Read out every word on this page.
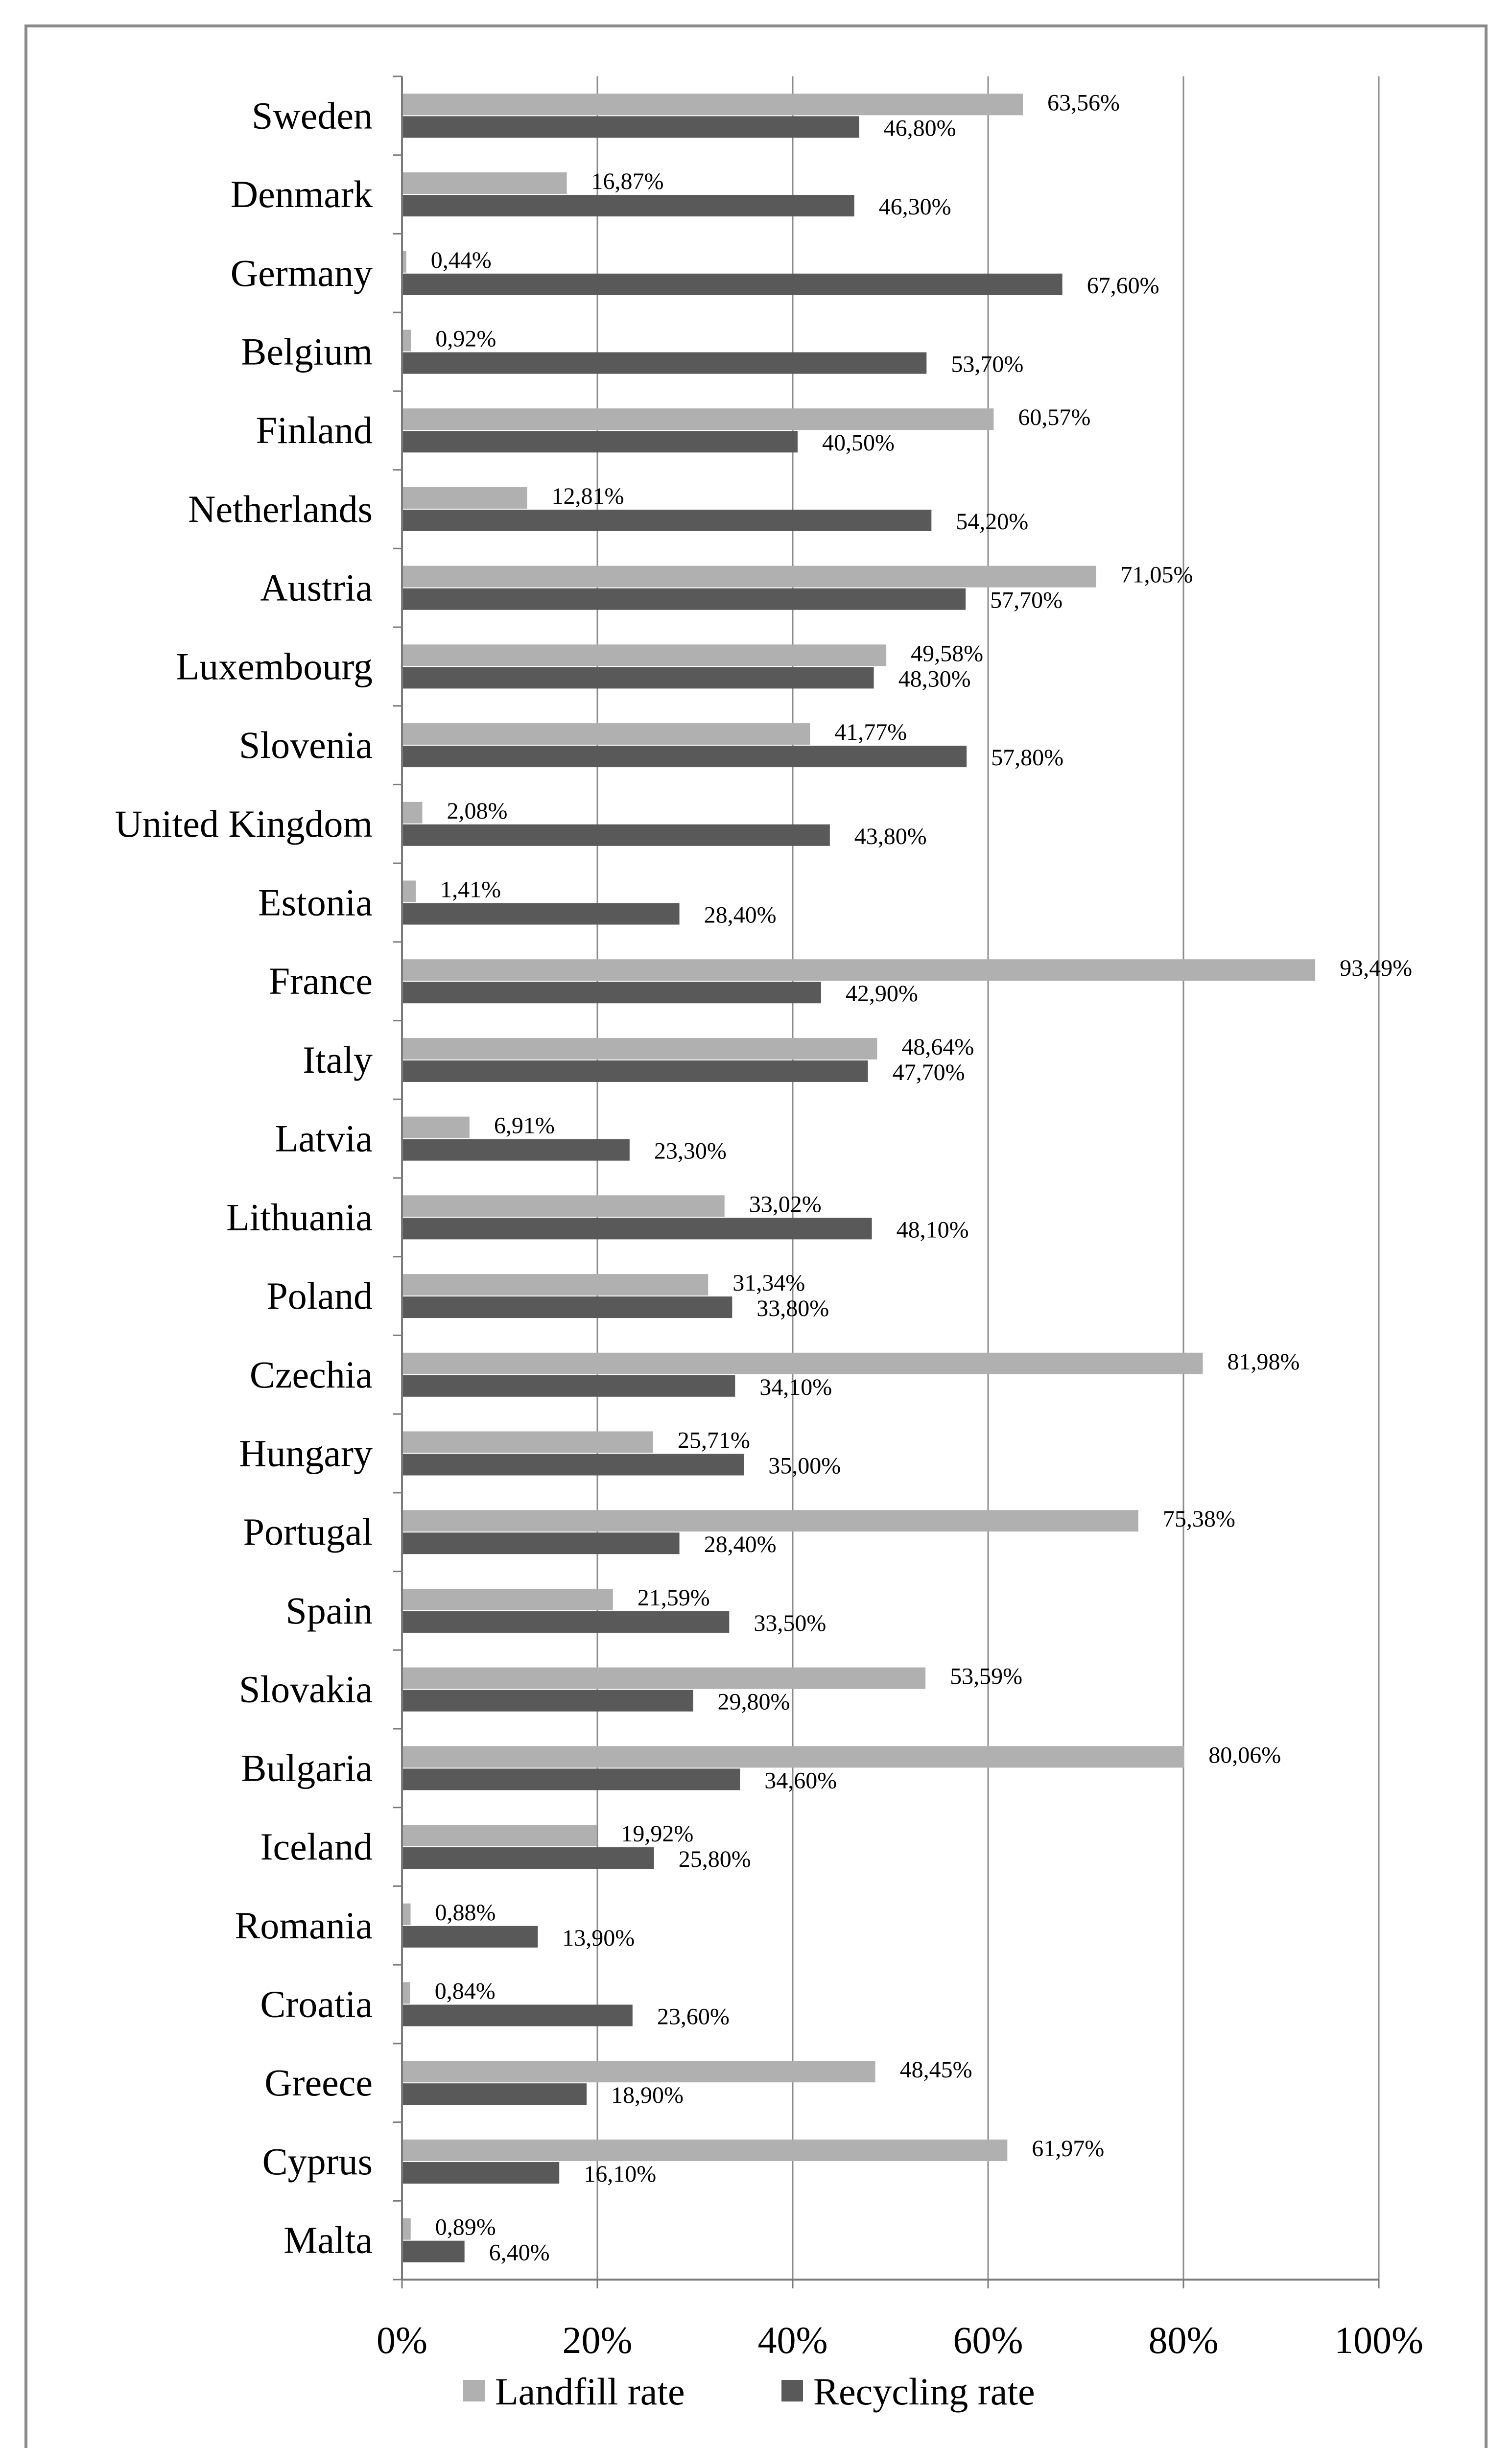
Sweden
Denmark
Germany
Belgium
Finland
Netherlands
Austria
Luxembourg
Slovenia
United Kingdom
Estonia
France
Italy
Latvia
Lithuania
Poland
Czechia
Hungary
Portugal
Spain
Slovakia
Bulgaria
Iceland
Romania
Croatia
Greece
Cyprus
Malta
63,56%
46,80%
16,87%
46,30%
0,44%
67,60%
0,92%
53,70%
60,57%
40,50%
12,81%
54,20%
71,05%
57,70%
49,58%
48,30%
41,77%
57,80%
2,08%
43,80%
1,41%
28,40%
93,49%
42,90%
48,64%
47,70%
6,91%
23,30%
33,02%
48,10%
31,34%
33,80%
81,98%
34,10%
25,71%
35,00%
75,38%
28,40%
21,59%
33,50%
53,59%
29,80%
80,06%
34,60%
19,92%
25,80%
0,88%
13,90%
0,84%
23,60%
48,45%
18,90%
61,97%
16,10%
0,89%
6,40%
0%	20%	40%	60%	80%	100%
Landfill rate	Recycling rate
